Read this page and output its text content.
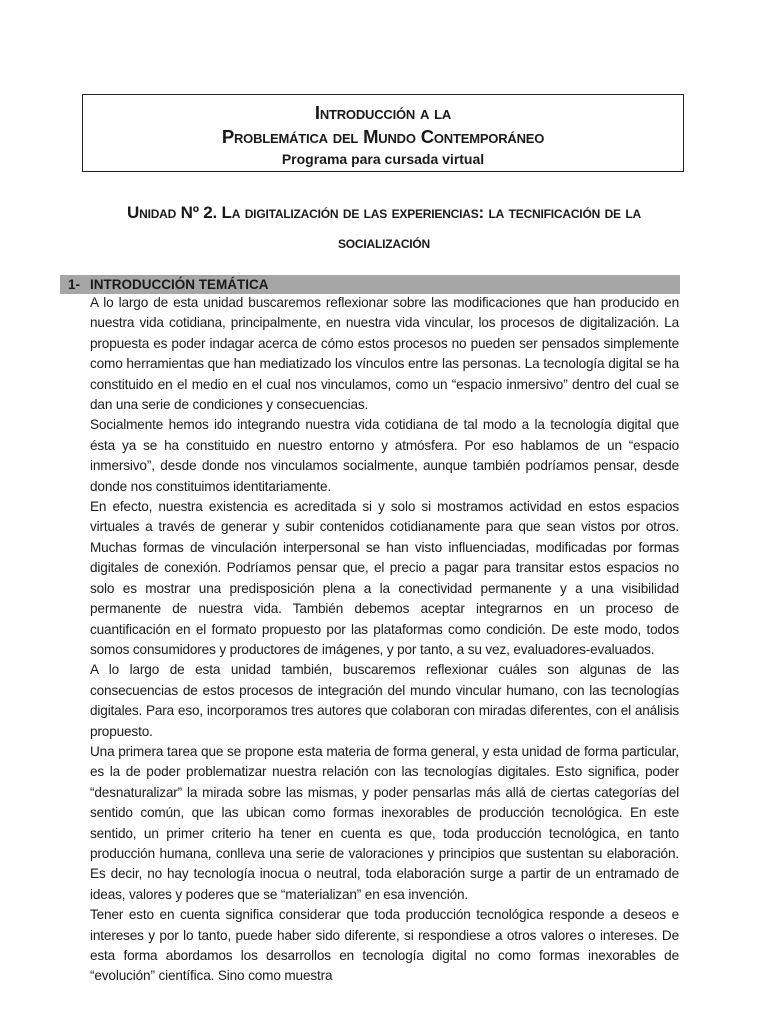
Introducción a la
Problemática del Mundo Contemporáneo
Programa para cursada virtual
Unidad Nº 2. La digitalización de las experiencias: la tecnificación de la
socialización
1- INTRODUCCIÓN TEMÁTICA

A lo largo de esta unidad buscaremos reflexionar sobre las modificaciones que han producido en nuestra vida cotidiana, principalmente, en nuestra vida vincular, los procesos de digitalización. La propuesta es poder indagar acerca de cómo estos procesos no pueden ser pensados simplemente como herramientas que han mediatizado los vínculos entre las personas. La tecnología digital se ha constituido en el medio en el cual nos vinculamos, como un “espacio inmersivo” dentro del cual se dan una serie de condiciones y consecuencias.

Socialmente hemos ido integrando nuestra vida cotidiana de tal modo a la tecnología digital que ésta ya se ha constituido en nuestro entorno y atmósfera. Por eso hablamos de un “espacio inmersivo”, desde donde nos vinculamos socialmente, aunque también podríamos pensar, desde donde nos constituimos identitariamente.

En efecto, nuestra existencia es acreditada si y solo si mostramos actividad en estos espacios virtuales a través de generar y subir contenidos cotidianamente para que sean vistos por otros. Muchas formas de vinculación interpersonal se han visto influenciadas, modificadas por formas digitales de conexión. Podríamos pensar que, el precio a pagar para transitar estos espacios no solo es mostrar una predisposición plena a la conectividad permanente y a una visibilidad permanente de nuestra vida. También debemos aceptar integrarnos en un proceso de cuantificación en el formato propuesto por las plataformas como condición. De este modo, todos somos consumidores y productores de imágenes, y por tanto, a su vez, evaluadores-evaluados.

A lo largo de esta unidad también, buscaremos reflexionar cuáles son algunas de las consecuencias de estos procesos de integración del mundo vincular humano, con las tecnologías digitales. Para eso, incorporamos tres autores que colaboran con miradas diferentes, con el análisis propuesto.

Una primera tarea que se propone esta materia de forma general, y esta unidad de forma particular, es la de poder problematizar nuestra relación con las tecnologías digitales. Esto significa, poder “desnaturalizar” la mirada sobre las mismas, y poder pensarlas más allá de ciertas categorías del sentido común, que las ubican como formas inexorables de producción tecnológica. En este sentido, un primer criterio ha tener en cuenta es que, toda producción tecnológica, en tanto producción humana, conlleva una serie de valoraciones y principios que sustentan su elaboración. Es decir, no hay tecnología inocua o neutral, toda elaboración surge a partir de un entramado de ideas, valores y poderes que se “materializan” en esa invención.

Tener esto en cuenta significa considerar que toda producción tecnológica responde a deseos e intereses y por lo tanto, puede haber sido diferente, si respondiese a otros valores o intereses. De esta forma abordamos los desarrollos en tecnología digital no como formas inexorables de “evolución” científica. Sino como muestra
